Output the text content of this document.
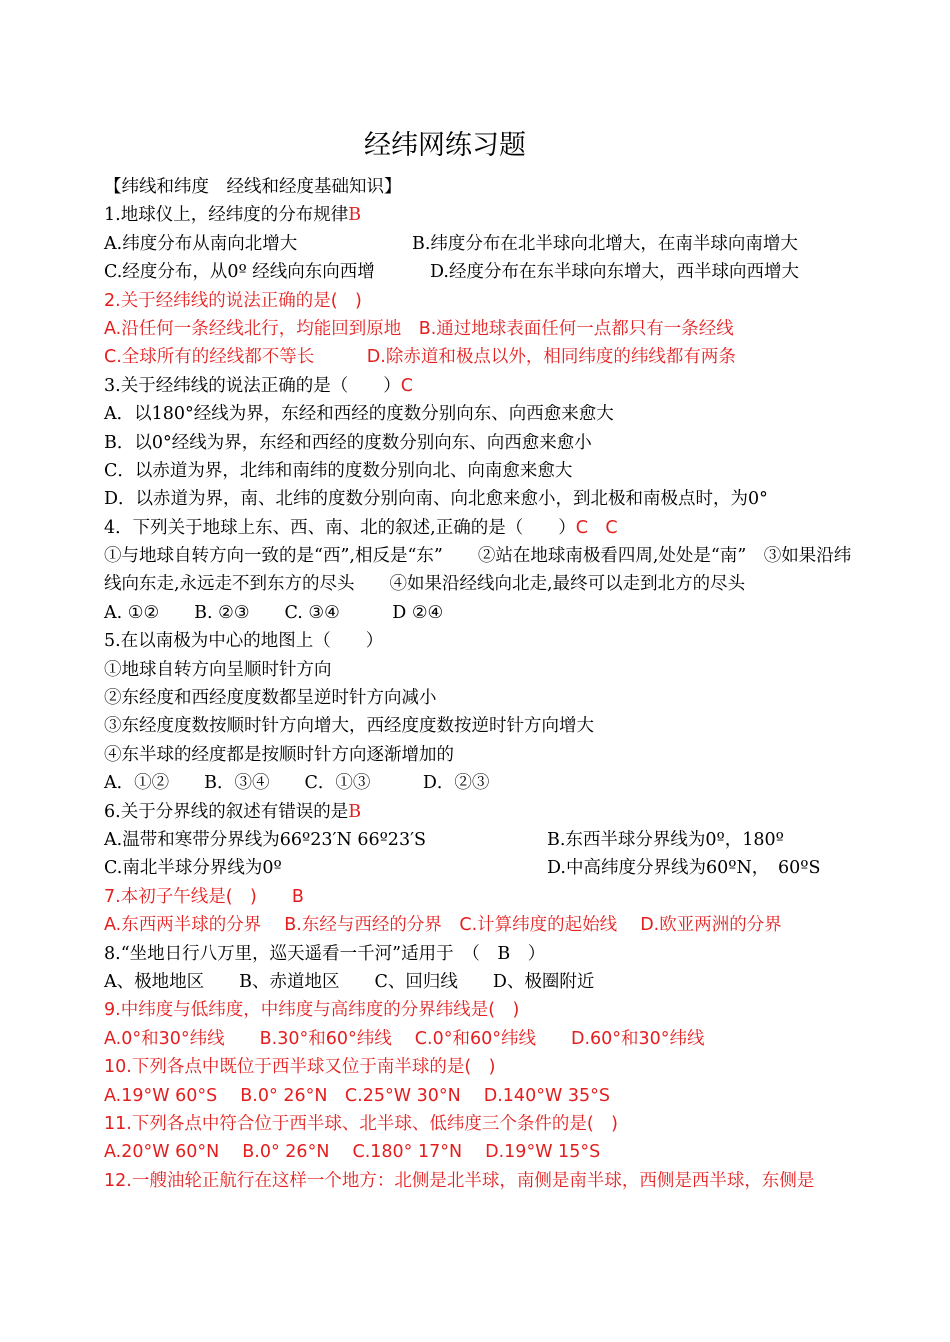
经纬网练习题
【纬线和纬度　经线和经度基础知识】
1.地球仪上，经纬度的分布规律B
A.纬度分布从南向北增大	B.纬度分布在北半球向北增大，在南半球向南增大
C.经度分布，从0º 经线向东向西增	D.经度分布在东半球向东增大，西半球向西增大
2.关于经纬线的说法正确的是(　)
A.沿任何一条经线北行，均能回到原地　B.通过地球表面任何一点都只有一条经线
C.全球所有的经线都不等长　　　D.除赤道和极点以外，相同纬度的纬线都有两条
3.关于经纬线的说法正确的是（　　）C
A．以180°经线为界，东经和西经的度数分别向东、向西愈来愈大
B．以0°经线为界，东经和西经的度数分别向东、向西愈来愈小
C．以赤道为界，北纬和南纬的度数分别向北、向南愈来愈大
D．以赤道为界，南、北纬的度数分别向南、向北愈来愈小，到北极和南极点时，为0°
4．下列关于地球上东、西、南、北的叙述,正确的是（　　）C　C
①与地球自转方向一致的是“西”,相反是“东”　　②站在地球南极看四周,处处是“南”　③如果沿纬线向东走,永远走不到东方的尽头　　④如果沿经线向北走,最终可以走到北方的尽头
A. ①②　　B. ②③　　C. ③④　　　D ②④
5.在以南极为中心的地图上（　　）
①地球自转方向呈顺时针方向
②东经度和西经度度数都呈逆时针方向减小
③东经度度数按顺时针方向增大，西经度度数按逆时针方向增大
④东半球的经度都是按顺时针方向逐渐增加的
A．①②　　B．③④　　C．①③　　　D．②③
6.关于分界线的叙述有错误的是B
A.温带和寒带分界线为66º23′N 66º23′S	B.东西半球分界线为0º，180º
C.南北半球分界线为0º	D.中高纬度分界线为60ºN，　60ºS
7.本初子午线是(　)　　B
A.东西两半球的分界　 B.东经与西经的分界　C.计算纬度的起始线　 D.欧亚两洲的分界
8.“坐地日行八万里，巡天遥看一千河”适用于　（　B　）
A、极地地区　　B、赤道地区　　C、回归线　　D、极圈附近
9.中纬度与低纬度，中纬度与高纬度的分界纬线是(　)
A.0°和30°纬线　　B.30°和60°纬线　 C.0°和60°纬线　　D.60°和30°纬线
10.下列各点中既位于西半球又位于南半球的是(　)
A.19°W 60°S　 B.0° 26°N　C.25°W 30°N　 D.140°W 35°S
11.下列各点中符合位于西半球、北半球、低纬度三个条件的是(　)
A.20°W 60°N　 B.0° 26°N　 C.180° 17°N　 D.19°W 15°S
12.一艘油轮正航行在这样一个地方：北侧是北半球，南侧是南半球，西侧是西半球，东侧是
